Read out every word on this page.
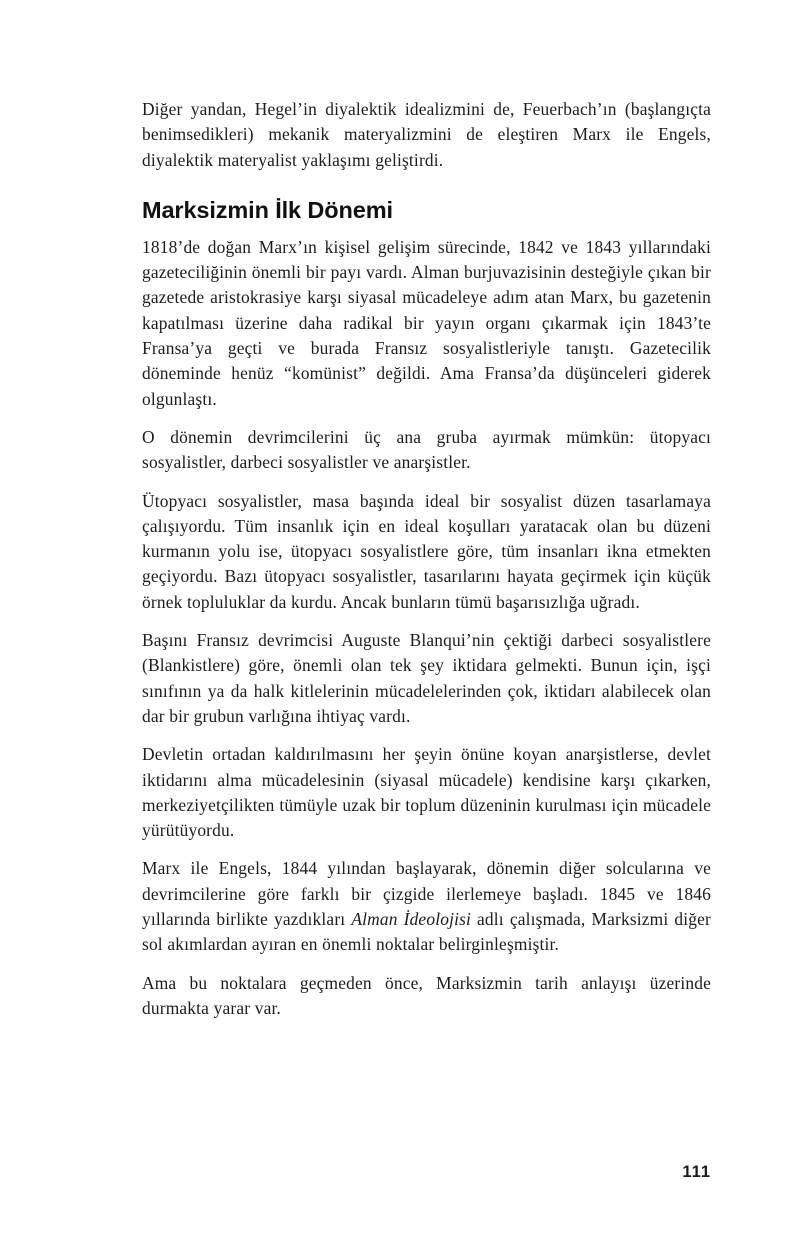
Diğer yandan, Hegel’in diyalektik idealizmini de, Feuerbach’ın (başlangıçta benimsedikleri) mekanik materyalizmini de eleştiren Marx ile Engels, diyalektik materyalist yaklaşımı geliştirdi.

Marksizmin İlk Dönemi

1818’de doğan Marx’ın kişisel gelişim sürecinde, 1842 ve 1843 yıllarındaki gazeteciliğinin önemli bir payı vardı. Alman burjuvazisinin desteğiyle çıkan bir gazetede aristokrasiye karşı siyasal mücadeleye adım atan Marx, bu gazetenin kapatılması üzerine daha radikal bir yayın organı çıkarmak için 1843’te Fransa’ya geçti ve burada Fransız sosyalistleriyle tanıştı. Gazetecilik döneminde henüz “komünist” değildi. Ama Fransa’da düşünceleri giderek olgunlaştı.

O dönemin devrimcilerini üç ana gruba ayırmak mümkün: ütopyacı sosyalistler, darbeci sosyalistler ve anarşistler.

Ütopyacı sosyalistler, masa başında ideal bir sosyalist düzen tasarlamaya çalışıyordu. Tüm insanlık için en ideal koşulları yaratacak olan bu düzeni kurmanın yolu ise, ütopyacı sosyalistlere göre, tüm insanları ikna etmekten geçiyordu. Bazı ütopyacı sosyalistler, tasarılarını hayata geçirmek için küçük örnek topluluklar da kurdu. Ancak bunların tümü başarısızlığa uğradı.

Başını Fransız devrimcisi Auguste Blanqui’nin çektiği darbeci sosyalistlere (Blankistlere) göre, önemli olan tek şey iktidara gelmekti. Bunun için, işçi sınıfının ya da halk kitlelerinin mücadelelerinden çok, iktidarı alabilecek olan dar bir grubun varlığına ihtiyaç vardı.

Devletin ortadan kaldırılmasını her şeyin önüne koyan anarşistlerse, devlet iktidarını alma mücadelesinin (siyasal mücadele) kendisine karşı çıkarken, merkeziyetçilikten tümüyle uzak bir toplum düzeninin kurulması için mücadele yürütüyordu.

Marx ile Engels, 1844 yılından başlayarak, dönemin diğer solcularına ve devrimcilerine göre farklı bir çizgide ilerlemeye başladı. 1845 ve 1846 yıllarında birlikte yazdıkları Alman İdeolojisi adlı çalışmada, Marksizmi diğer sol akımlardan ayıran en önemli noktalar belirginleşmiştir.

Ama bu noktalara geçmeden önce, Marksizmin tarih anlayışı üzerinde durmakta yarar var.

111
